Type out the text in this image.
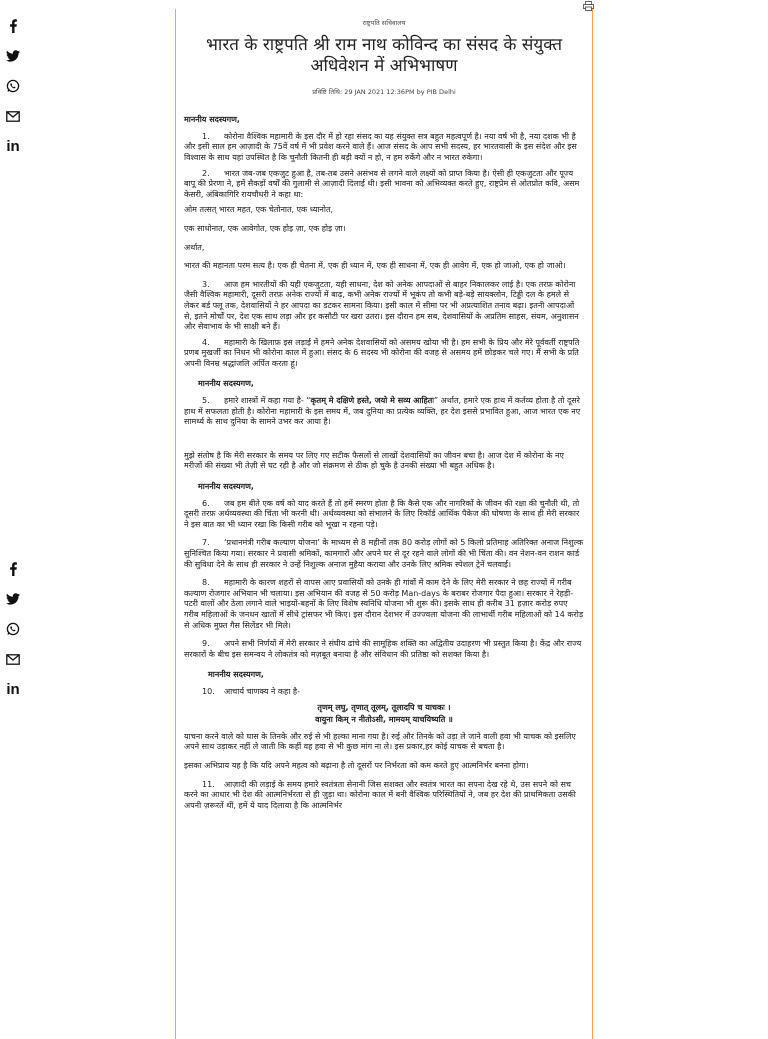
in
in
राष्ट्रपति सचिवालय
भारत के राष्ट्रपति श्री राम नाथ कोविन्द का संसद के संयुक्त अधिवेशन में अभिभाषण
प्रविष्टि तिथि: 29 JAN 2021 12:36PM by PIB Delhi
माननीय सदस्यगण,

1. कोरोना वैश्विक महामारी के इस दौर में हो रहा संसद का यह संयुक्त सत्र बहुत महत्वपूर्ण है। नया वर्ष भी है, नया दशक भी है और इसी साल हम आज़ादी के 75वें वर्ष में भी प्रवेश करने वाले हैं। आज संसद के आप सभी सदस्य, हर भारतवासी के इस संदेश और इस विश्वास के साथ यहां उपस्थित है कि चुनौती कितनी ही बड़ी क्यों न हो, न हम रुकेंगे और न भारत रुकेगा।

2. भारत जब-जब एकजुट हुआ है, तब-तब उसने असंभव से लगने वाले लक्ष्यों को प्राप्त किया है। ऐसी ही एकजुटता और पूज्य बापू की प्रेरणा ने, हमें सैकड़ों वर्षों की गुलामी से आज़ादी दिलाई थी। इसी भावना को अभिव्यक्त करते हुए, राष्ट्रप्रेम से ओतप्रोत कवि, असम केसरी, अंबिकागिरि रायचौधरी ने कहा था:

ओम तत्सत् भारत महत, एक चेतोनात, एक ध्यानोत,

एक साधोनात, एक आवेगोत, एक होइ ज़ा, एक होइ ज़ा।

अर्थात,

भारत की महानता परम सत्य है। एक ही चेतना में, एक ही ध्यान में, एक ही साधना में, एक ही आवेग में, एक हो जाओ, एक हो जाओ।

3. आज हम भारतीयों की यही एकजुटता, यही साधना, देश को अनेक आपदाओं से बाहर निकालकर लाई है। एक तरफ़ कोरोना जैसी वैश्विक महामारी, दूसरी तरफ़ अनेक राज्यों में बाढ़, कभी अनेक राज्यों में भूकंप तो कभी बड़े-बड़े सायक्लोन, टिड्डी दल के हमले से लेकर बर्ड फ्लू तक, देशवासियों ने हर आपदा का डटकर सामना किया। इसी काल में सीमा पर भी अप्रत्याशित तनाव बढ़ा। इतनी आपदाओं से, इतने मोर्चों पर, देश एक साथ लड़ा और हर कसौटी पर खरा उतरा। इस दौरान हम सब, देशवासियों के अप्रतिम साहस, संयम, अनुशासन और सेवाभाव के भी साक्षी बने हैं।

4. महामारी के खिलाफ़ इस लड़ाई में हमने अनेक देशवासियों को असमय खोया भी है। हम सभी के प्रिय और मेरे पूर्ववर्ती राष्ट्रपति प्रणब मुखर्जी का निधन भी कोरोना काल में हुआ। संसद के 6 सदस्य भी कोरोना की वजह से असमय हमें छोड़कर चले गए। मैं सभी के प्रति अपनी विनम्र श्रद्धांजलि अर्पित करता हूं।

माननीय सदस्यगण,

5. हमारे शास्त्रों में कहा गया है- “कृतम् मे दक्षिणे हस्ते, जयो मे सव्य आहितः” अर्थात, हमारे एक हाथ में कर्तव्य होता है तो दूसरे हाथ में सफलता होती है। कोरोना महामारी के इस समय में, जब दुनिया का प्रत्येक व्यक्ति, हर देश इससे प्रभावित हुआ, आज भारत एक नए सामर्थ्य के साथ दुनिया के सामने उभर कर आया है।

मुझे संतोष है कि मेरी सरकार के समय पर लिए गए सटीक फैसलों से लाखों देशवासियों का जीवन बचा है। आज देश में कोरोना के नए मरीजों की संख्या भी तेज़ी से घट रही है और जो संक्रमण से ठीक हो चुके है उनकी संख्या भी बहुत अधिक है।

माननीय सदस्यगण,

6. जब हम बीते एक वर्ष को याद करते हैं तो हमें स्मरण होता है कि कैसे एक और नागरिकों के जीवन की रक्षा की चुनौती थी, तो दूसरी तरफ़ अर्थव्यवस्था की चिंता भी करनी थी। अर्थव्यवस्था को संभालने के लिए रिकॉर्ड आर्थिक पैकेज की घोषणा के साथ ही मेरी सरकार ने इस बात का भी ध्यान रखा कि किसी गरीब को भूखा न रहना पड़े।

7. ‘प्रधानमंत्री गरीब कल्याण योजना’ के माध्यम से 8 महीनों तक 80 करोड़ लोगों को 5 किलो प्रतिमाह अतिरिक्त अनाज निशुल्क सुनिश्चित किया गया। सरकार ने प्रवासी श्रमिकों, कामगारों और अपने घर से दूर रहने वाले लोगों की भी चिंता की। वन नेशन-वन राशन कार्ड की सुविधा देने के साथ ही सरकार ने उन्हें निशुल्क अनाज मुहैया कराया और उनके लिए श्रमिक स्पेशल ट्रेनें चलवाईं।

8. महामारी के कारण शहरों से वापस आए प्रवासियों को उनके ही गांवों में काम देने के लिए मेरी सरकार ने छह राज्यों में गरीब कल्याण रोजगार अभियान भी चलाया। इस अभियान की वजह से 50 करोड़ Man-days के बराबर रोजगार पैदा हुआ। सरकार ने रेहड़ी-पटरी वालों और ठेला लगाने वाले भाइयों-बहनों के लिए विशेष स्वनिधि योजना भी शुरू की। इसके साथ ही करीब 31 हज़ार करोड़ रुपए गरीब महिलाओं के जनधन खातों में सीधे ट्रांसफर भी किए। इस दौरान देशभर में उज्ज्वला योजना की लाभार्थी गरीब महिलाओं को 14 करोड़ से अधिक मुफ़्त गैस सिलेंडर भी मिले।

9. अपने सभी निर्णयों में मेरी सरकार ने संघीय ढांचे की सामूहिक शक्ति का अद्वितीय उदाहरण भी प्रस्तुत किया है। केंद्र और राज्य सरकारों के बीच इस समन्वय ने लोकतंत्र को मज़बूत बनाया है और संविधान की प्रतिष्ठा को सशक्त किया है।

माननीय सदस्यगण,

10. आचार्य चाणक्य ने कहा है-

तृणम् लघु, तृणात् तूलम्, तूलादपि च याचकः ।
वायुना किम् न नीतोऽसी, मामयम् याचयिष्यति ॥

याचना करने वाले को घास के तिनके और रुई से भी हल्का माना गया है। रुई और तिनके को उड़ा ले जाने वाली हवा भी याचक को इसलिए अपने साथ उड़ाकर नहीं ले जाती कि कहीं वह हवा से भी कुछ मांग ना ले। इस प्रकार,हर कोई याचक से बचता है।

इसका अभिप्राय यह है कि यदि अपने महत्व को बढ़ाना है तो दूसरों पर निर्भरता को कम करते हुए आत्मनिर्भर बनना होगा।

11. आज़ादी की लड़ाई के समय हमारे स्वतंत्रता सेनानी जिस सशक्त और स्वतंत्र भारत का सपना देख रहे थे, उस सपने को सच करने का आधार भी देश की आत्मनिर्भरता से ही जुड़ा था। कोरोना काल में बनी वैश्विक परिस्थितियों ने, जब हर देश की प्राथमिकता उसकी अपनी ज़रूरतें थीं, हमें ये याद दिलाया है कि आत्मनिर्भर
